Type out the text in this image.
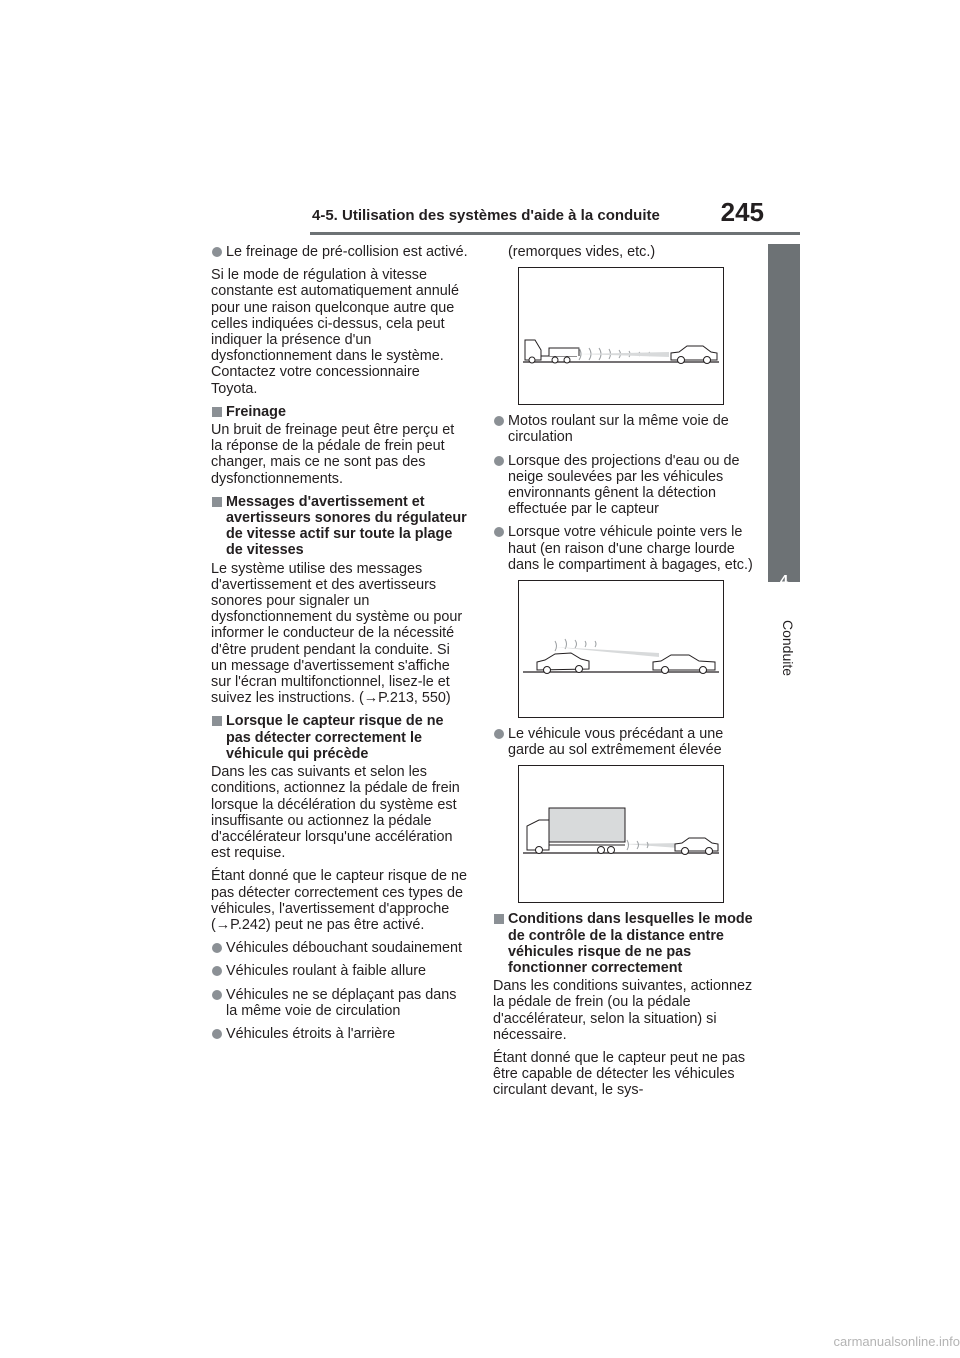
4-5. Utilisation des systèmes d'aide à la conduite	245
4
Conduite
Le freinage de pré-collision est activé.
Si le mode de régulation à vitesse constante est automatiquement annulé pour une raison quelconque autre que celles indiquées ci-dessus, cela peut indiquer la présence d'un dysfonctionnement dans le système. Contactez votre concessionnaire Toyota.
Freinage
Un bruit de freinage peut être perçu et la réponse de la pédale de frein peut changer, mais ce ne sont pas des dysfonctionnements.
Messages d'avertissement et avertisseurs sonores du régulateur de vitesse actif sur toute la plage de vitesses
Le système utilise des messages d'avertissement et des avertisseurs sonores pour signaler un dysfonctionnement du système ou pour informer le conducteur de la nécessité d'être prudent pendant la conduite. Si un message d'avertissement s'affiche sur l'écran multifonctionnel, lisez-le et suivez les instructions. (→P.213, 550)
Lorsque le capteur risque de ne pas détecter correctement le véhicule qui précède
Dans les cas suivants et selon les conditions, actionnez la pédale de frein lorsque la décélération du système est insuffisante ou actionnez la pédale d'accélérateur lorsqu'une accélération est requise.
Étant donné que le capteur risque de ne pas détecter correctement ces types de véhicules, l'avertissement d'approche (→P.242) peut ne pas être activé.
Véhicules débouchant soudainement
Véhicules roulant à faible allure
Véhicules ne se déplaçant pas dans la même voie de circulation
Véhicules étroits à l'arrière
(remorques vides, etc.)
Motos roulant sur la même voie de circulation
Lorsque des projections d'eau ou de neige soulevées par les véhicules environnants gênent la détection effectuée par le capteur
Lorsque votre véhicule pointe vers le haut (en raison d'une charge lourde dans le compartiment à bagages, etc.)
Le véhicule vous précédant a une garde au sol extrêmement élevée
Conditions dans lesquelles le mode de contrôle de la distance entre véhicules risque de ne pas fonctionner correctement
Dans les conditions suivantes, actionnez la pédale de frein (ou la pédale d'accélérateur, selon la situation) si nécessaire.
Étant donné que le capteur peut ne pas être capable de détecter les véhicules circulant devant, le sys-
carmanualsonline.info
